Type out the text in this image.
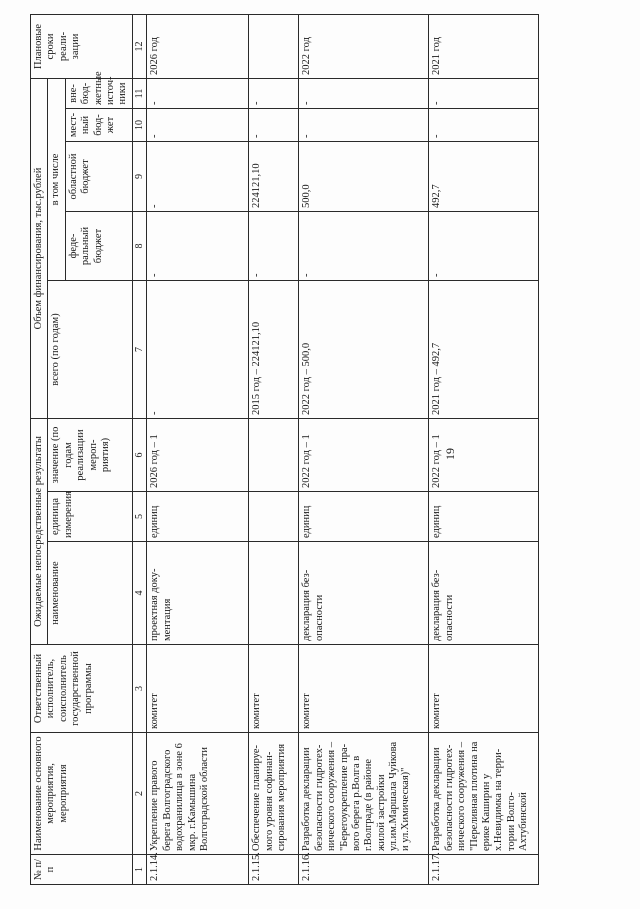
19
№ п/п	Наименование основного мероприятия, мероприятия	Ответственный исполнитель, соисполнитель государственной программы	Ожидаемые непосредственные результаты			Объем финансирования, тыс.рублей					Плановые сроки реали- зации
			наименование	единица измерения	значение (по годам реализации мероп- риятия)	всего (по годам)	в том числе				
							феде- ральный бюджет	областной бюджет	мест- ный бюд- жет	вне- бюд- жетные источ- ники	
1	2	3	4	5	6	7	8	9	10	11	12
2.1.14.	Укрепление правого берега Волгоградского водохранилища в зоне 6 мкр. г.Камышина Волгоградской области	комитет	проектная доку- ментация	единиц	2026 год – 1	-	-	-	-	-	2026 год
2.1.15.	Обеспечение планируе- мого уровня софинан- сирования мероприятия	комитет				2015 год – 224121,10	-	224121,10	-	-	
2.1.16.	Разработка декларации безопасности гидротех- нического сооружения – "Берегоукрепление пра- вого берега р.Волга в г.Волграде (в районе жилой застройки ул.им.Маршала Чуйкова и ул.Химическая)"	комитет	декларация без- опасности	единиц	2022 год – 1	2022 год – 500,0	-	500,0	-	-	2022 год
2.1.17.	Разработка декларации безопасности гидротех- нического сооружения – "Переливная плотина на ерике Каширин у х.Невидимка на терри- тории Волго-Ахтубинской	комитет	декларация без- опасности	единиц	2022 год – 1	2021 год – 492,7	-	492,7	-	-	2021 год
